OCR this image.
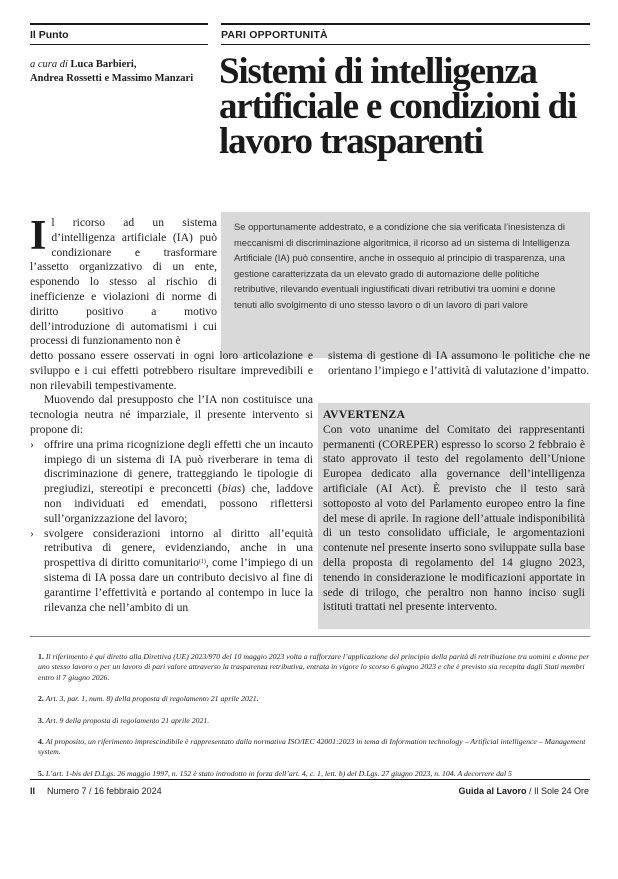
Il Punto	PARI OPPORTUNITÀ
a cura di Luca Barbieri,
Andrea Rossetti e Massimo Manzari Sistemi di intelligenza artificiale e condizioni di lavoro trasparenti
Se opportunamente addestrato, e a condizione che sia verificata l’inesistenza di meccanismi di discriminazione algoritmica, il ricorso ad un sistema di Intelligenza Artificiale (IA) può consentire, anche in ossequio al principio di trasparenza, una gestione caratterizzata da un elevato grado di automazione delle politiche retributive, rilevando eventuali ingiustificati divari retributivi tra uomini e donne tenuti allo svolgimento di uno stesso lavoro o di un lavoro di pari valore
I l ricorso ad un sistema d’intelligenza artificiale (IA) può condizionare e trasformare l’assetto organizzativo di un ente, esponendo lo stesso al rischio di inefficienze e violazioni di norme di diritto positivo a motivo dell’introduzione di automatismi i cui processi di funzionamento non è

detto possano essere osservati in ogni loro articolazione e sviluppo e i cui effetti potrebbero risultare imprevedibili e non rilevabili tempestivamente.

Muovendo dal presupposto che l’IA non costituisce una tecnologia neutra né imparziale, il presente intervento si propone di:

› offrire una prima ricognizione degli effetti che un incauto impiego di un sistema di IA può riverberare in tema di discriminazione di genere, tratteggiando le tipologie di pregiudizi, stereotipi e preconcetti (bias) che, laddove non individuati ed emendati, possono riflettersi sull’organizzazione del lavoro;
› svolgere considerazioni intorno al diritto all’equità retributiva di genere, evidenziando, anche in una prospettiva di diritto comunitario$^{(1)}$, come l’impiego di un sistema di IA possa dare un contributo decisivo al fine di garantirne l’effettività e portando al contempo in luce la rilevanza che nell’ambito di un
sistema di gestione di IA assumono le politiche che ne orientano l’impiego e l’attività di valutazione d’impatto.
AVVERTENZA
Con voto unanime del Comitato dei rappresentanti permanenti (COREPER) espresso lo scorso 2 febbraio è stato approvato il testo del regolamento dell’Unione Europea dedicato alla governance dell’intelligenza artificiale (AI Act). È previsto che il testo sarà sottoposto al voto del Parlamento europeo entro la fine del mese di aprile. In ragione dell’attuale indisponibilità di un testo consolidato ufficiale, le argomentazioni contenute nel presente inserto sono sviluppate sulla base della proposta di regolamento del 14 giugno 2023, tenendo in considerazione le modificazioni apportate in sede di trilogo, che peraltro non hanno inciso sugli istituti trattati nel presente intervento.
1. Il riferimento è qui diretto alla Direttiva (UE) 2023/970 del 10 maggio 2023 volta a rafforzare l’applicazione del principio della parità di retribuzione tra uomini e donne per uno stesso lavoro o per un lavoro di pari valore attraverso la trasparenza retributiva, entrata in vigore lo scorso 6 giugno 2023 e che è previsto sia recepita dagli Stati membri entro il 7 giugno 2026.
2. Art. 3, par. 1, num. 8) della proposta di regolamento 21 aprile 2021.
3. Art. 9 della proposta di regolamento 21 aprile 2021.
4. Al proposito, un riferimento imprescindibile è rappresentato dalla normativa ISO/IEC 42001:2023 in tema di Information technology – Artificial intelligence – Management system.
5. L’art. 1-bis del D.Lgs. 26 maggio 1997, n. 152 è stato introdotto in forza dell’art. 4, c. 1, lett. b) del D.Lgs. 27 giugno 2023, n. 104. A decorrere dal 5
II Numero 7 / 16 febbraio 2024	Guida al Lavoro / Il Sole 24 Ore
